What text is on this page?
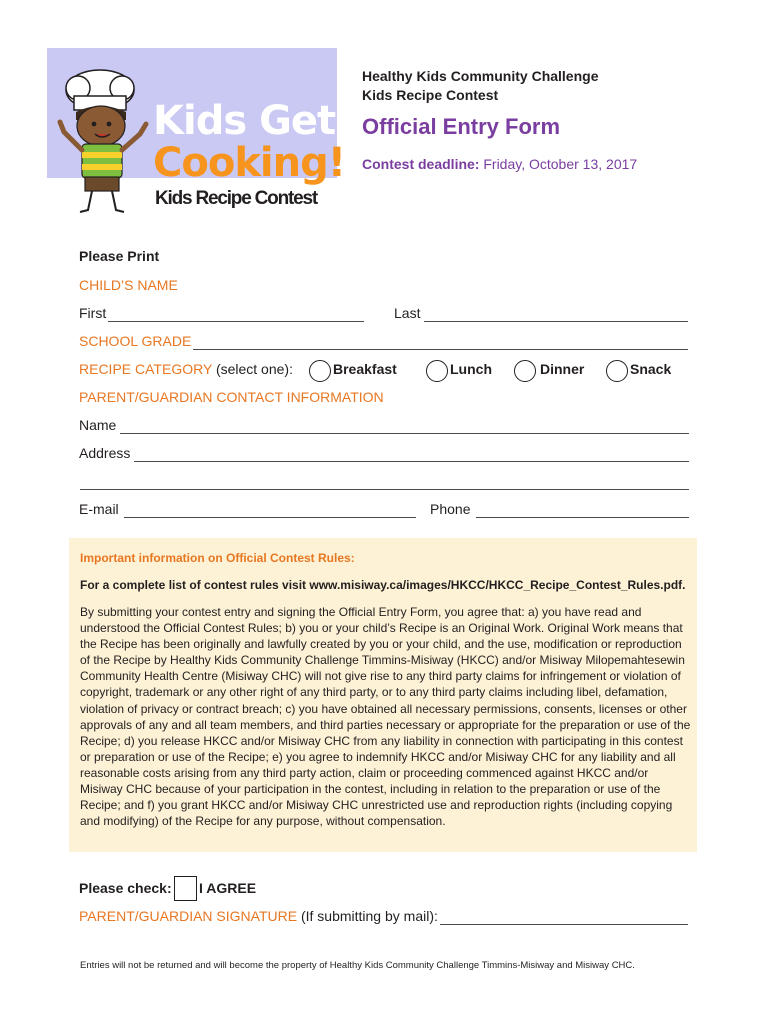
Kids Get
Cooking!
Kids Recipe Contest
Healthy Kids Community Challenge
Kids Recipe Contest
Official Entry Form
Contest deadline: Friday, October 13, 2017
Please Print
CHILD’S NAME
First	Last
SCHOOL GRADE
RECIPE CATEGORY (select one):	Breakfast	Lunch	Dinner	Snack
PARENT/GUARDIAN CONTACT INFORMATION
Name
Address
E-mail	Phone
Important information on Official Contest Rules:
For a complete list of contest rules visit www.misiway.ca/images/HKCC/HKCC_Recipe_Contest_Rules.pdf.
By submitting your contest entry and signing the Official Entry Form, you agree that: a) you have read and understood the Official Contest Rules; b) you or your child’s Recipe is an Original Work. Original Work means that the Recipe has been originally and lawfully created by you or your child, and the use, modification or reproduction of the Recipe by Healthy Kids Community Challenge Timmins-Misiway (HKCC) and/or Misiway Milopemahtesewin Community Health Centre (Misiway CHC) will not give rise to any third party claims for infringement or violation of copyright, trademark or any other right of any third party, or to any third party claims including libel, defamation, violation of privacy or contract breach; c) you have obtained all necessary permissions, consents, licenses or other approvals of any and all team members, and third parties necessary or appropriate for the preparation or use of the Recipe; d) you release HKCC and/or Misiway CHC from any liability in connection with participating in this contest or preparation or use of the Recipe; e) you agree to indemnify HKCC and/or Misiway CHC for any liability and all reasonable costs arising from any third party action, claim or proceeding commenced against HKCC and/or Misiway CHC because of your participation in the contest, including in relation to the preparation or use of the Recipe; and f) you grant HKCC and/or Misiway CHC unrestricted use and reproduction rights (including copying and modifying) of the Recipe for any purpose, without compensation.
Please check: I AGREE
PARENT/GUARDIAN SIGNATURE (If submitting by mail):
Entries will not be returned and will become the property of Healthy Kids Community Challenge Timmins-Misiway and Misiway CHC.
